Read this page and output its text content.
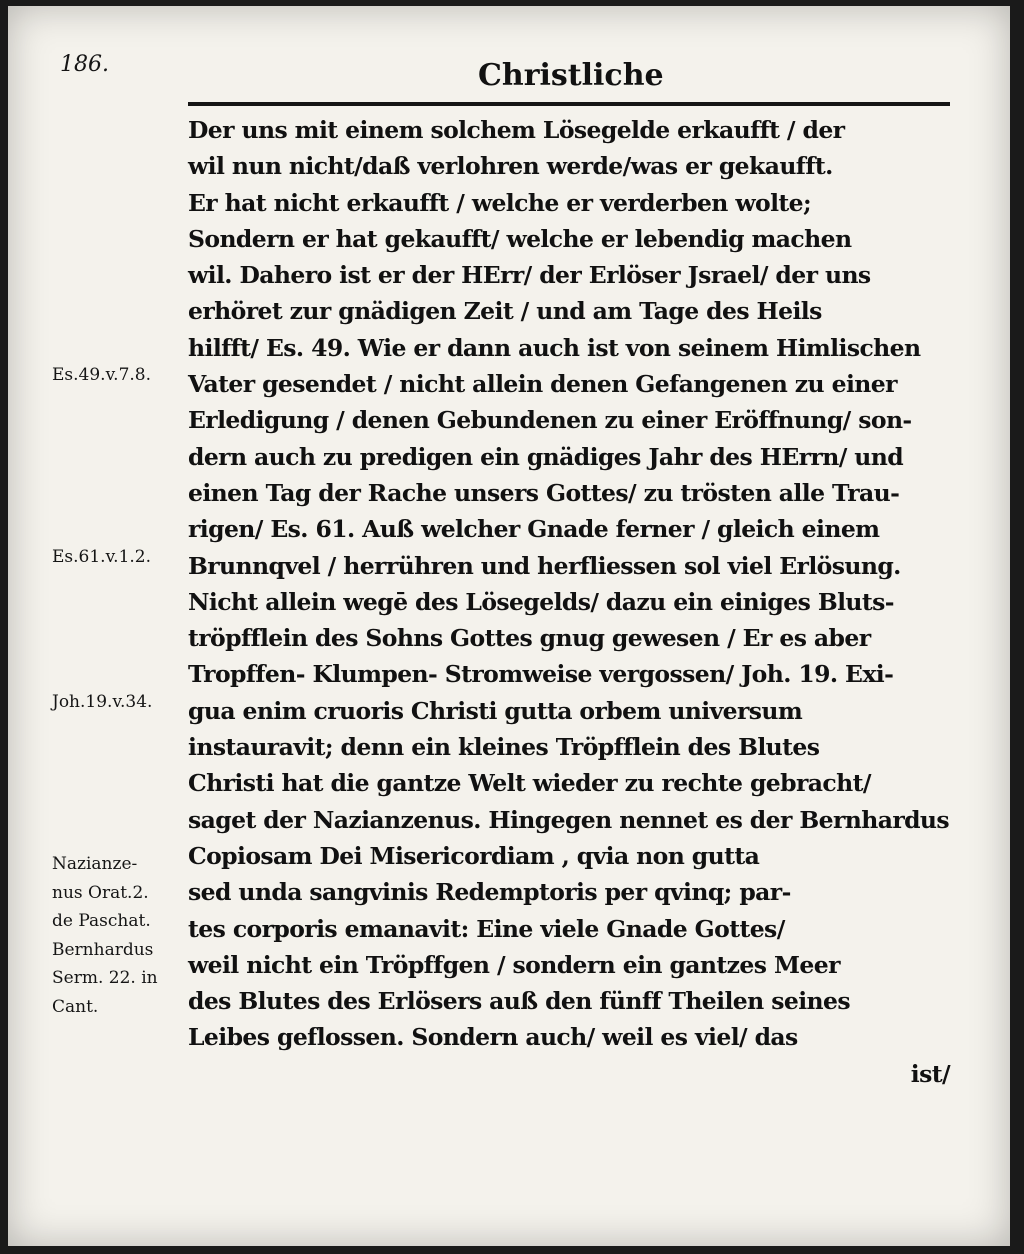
186.	Christliche
Es.49.v.7.8.
Es.61.v.1.2.
Joh.19.v.34.
Nazianze-
nus Orat.2.
de Paschat.
Bernhardus
Serm. 22. in
Cant.
Der uns mit einem solchem Lösegelde erkaufft / der
wil nun nicht/daß verlohren werde/was er gekaufft.
Er hat nicht erkaufft / welche er verderben wolte;
Sondern er hat gekaufft/ welche er lebendig machen
wil. Dahero ist er der HErr/ der Erlöser Jsrael/ der uns
erhöret zur gnädigen Zeit / und am Tage des Heils
hilfft/ Es. 49. Wie er dann auch ist von seinem Himlischen
Vater gesendet / nicht allein denen Gefangenen zu einer
Erledigung / denen Gebundenen zu einer Eröffnung/ son-
dern auch zu predigen ein gnädiges Jahr des HErrn/ und
einen Tag der Rache unsers Gottes/ zu trösten alle Trau-
rigen/ Es. 61. Auß welcher Gnade ferner / gleich einem
Brunnqvel / herrühren und herfliessen sol viel Erlösung.
Nicht allein wegē des Lösegelds/ dazu ein einiges Bluts-
tröpfflein des Sohns Gottes gnug gewesen / Er es aber
Tropffen- Klumpen- Stromweise vergossen/ Joh. 19. Exi-
gua enim cruoris Christi gutta orbem universum
instauravit; denn ein kleines Tröpfflein des Blutes
Christi hat die gantze Welt wieder zu rechte gebracht/
saget der Nazianzenus. Hingegen nennet es der Bernhardus
Copiosam Dei Misericordiam , qvia non gutta
sed unda sangvinis Redemptoris per qvinq; par-
tes corporis emanavit: Eine viele Gnade Gottes/
weil nicht ein Tröpffgen / sondern ein gantzes Meer
des Blutes des Erlösers auß den fünff Theilen seines
Leibes geflossen. Sondern auch/ weil es viel/ das
ist/
